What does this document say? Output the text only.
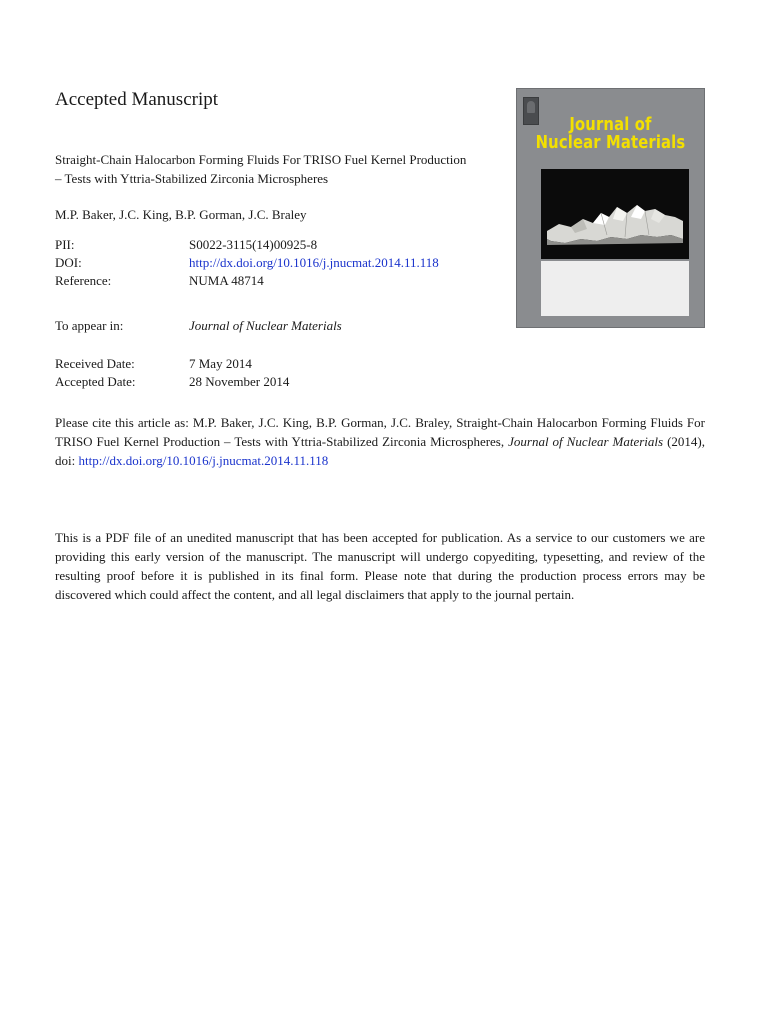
Accepted Manuscript

Straight-Chain Halocarbon Forming Fluids For TRISO Fuel Kernel Production
– Tests with Yttria-Stabilized Zirconia Microspheres

M.P. Baker, J.C. King, B.P. Gorman, J.C. Braley
PII:	S0022-3115(14)00925-8
DOI:	http://dx.doi.org/10.1016/j.jnucmat.2014.11.118
Reference:	NUMA 48714
To appear in:	Journal of Nuclear Materials
Received Date:	7 May 2014
Accepted Date:	28 November 2014

Please cite this article as: M.P. Baker, J.C. King, B.P. Gorman, J.C. Braley, Straight-Chain Halocarbon Forming Fluids For TRISO Fuel Kernel Production – Tests with Yttria-Stabilized Zirconia Microspheres, Journal of Nuclear Materials (2014), doi: http://dx.doi.org/10.1016/j.jnucmat.2014.11.118

This is a PDF file of an unedited manuscript that has been accepted for publication. As a service to our customers we are providing this early version of the manuscript. The manuscript will undergo copyediting, typesetting, and review of the resulting proof before it is published in its final form. Please note that during the production process errors may be discovered which could affect the content, and all legal disclaimers that apply to the journal pertain.

Journal of
Nuclear Materials
